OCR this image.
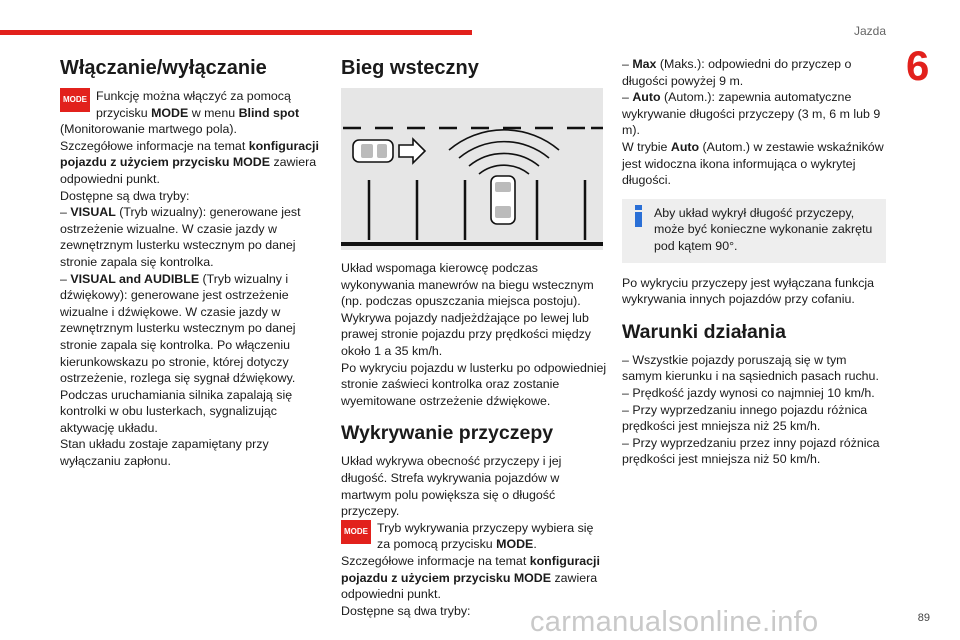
Jazda
6
Włączanie/wyłączanie
MODE Funkcję można włączyć za pomocą przycisku MODE w menu Blind spot

(Monitorowanie martwego pola).

Szczegółowe informacje na temat konfiguracji pojazdu z użyciem przycisku MODE zawiera odpowiedni punkt.

Dostępne są dwa tryby:

– VISUAL (Tryb wizualny): generowane jest ostrzeżenie wizualne. W czasie jazdy w zewnętrznym lusterku wstecznym po danej stronie zapala się kontrolka.

– VISUAL and AUDIBLE (Tryb wizualny i dźwiękowy): generowane jest ostrzeżenie wizualne i dźwiękowe. W czasie jazdy w zewnętrznym lusterku wstecznym po danej stronie zapala się kontrolka. Po włączeniu kierunkowskazu po stronie, której dotyczy ostrzeżenie, rozlega się sygnał dźwiękowy.

Podczas uruchamiania silnika zapalają się kontrolki w obu lusterkach, sygnalizując aktywację układu.

Stan układu zostaje zapamiętany przy wyłączaniu zapłonu.

Bieg wsteczny

Układ wspomaga kierowcę podczas wykonywania manewrów na biegu wstecznym (np. podczas opuszczania miejsca postoju).

Wykrywa pojazdy nadjeżdżające po lewej lub prawej stronie pojazdu przy prędkości między około 1 a 35 km/h.

Po wykryciu pojazdu w lusterku po odpowiedniej stronie zaświeci kontrolka oraz zostanie wyemitowane ostrzeżenie dźwiękowe.

Wykrywanie przyczepy

Układ wykrywa obecność przyczepy i jej długość. Strefa wykrywania pojazdów w martwym polu powiększa się o długość przyczepy.

MODE Tryb wykrywania przyczepy wybiera się za pomocą przycisku MODE.

Szczegółowe informacje na temat konfiguracji pojazdu z użyciem przycisku MODE zawiera odpowiedni punkt.

Dostępne są dwa tryby:

– Max (Maks.): odpowiedni do przyczep o długości powyżej 9 m.

– Auto (Autom.): zapewnia automatyczne wykrywanie długości przyczepy (3 m, 6 m lub 9 m).

W trybie Auto (Autom.) w zestawie wskaźników jest widoczna ikona informująca o wykrytej długości.

Aby układ wykrył długość przyczepy, może być konieczne wykonanie zakrętu pod kątem 90°.

Po wykryciu przyczepy jest wyłączana funkcja wykrywania innych pojazdów przy cofaniu.

Warunki działania

– Wszystkie pojazdy poruszają się w tym samym kierunku i na sąsiednich pasach ruchu.

– Prędkość jazdy wynosi co najmniej 10 km/h.

– Przy wyprzedzaniu innego pojazdu różnica prędkości jest mniejsza niż 25 km/h.

– Przy wyprzedzaniu przez inny pojazd różnica prędkości jest mniejsza niż 50 km/h.

carmanualsonline.info	89
